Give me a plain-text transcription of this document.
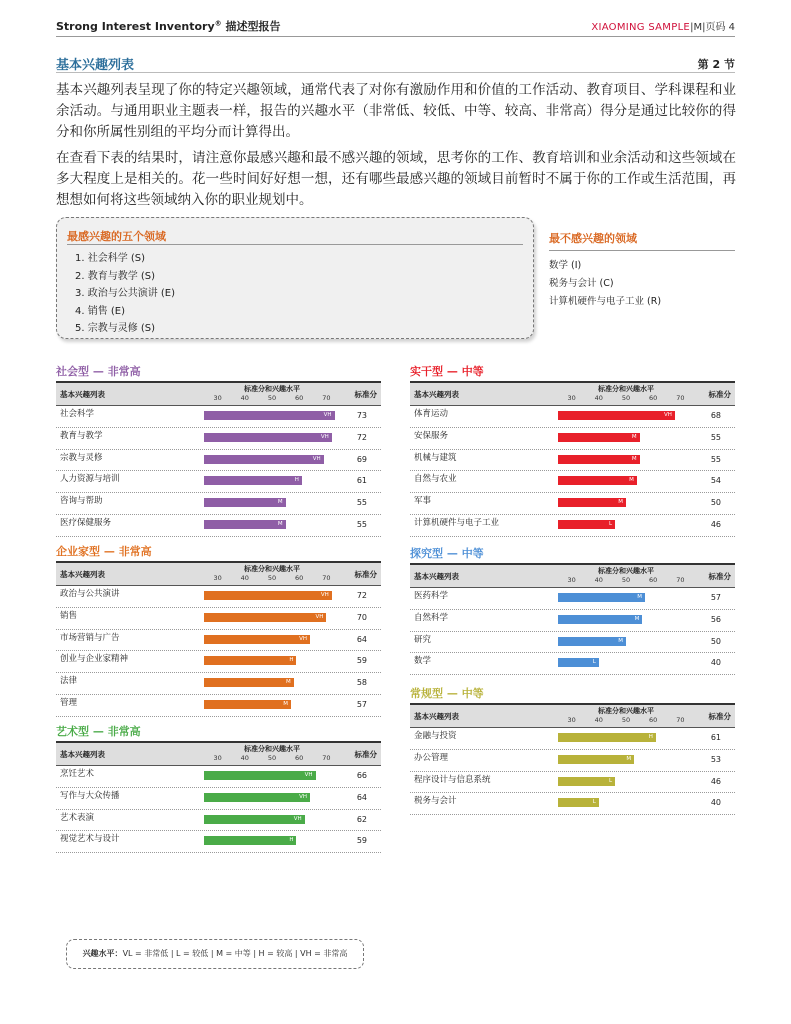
Strong Interest Inventory® 描述型报告	XIAOMING SAMPLE|M|页码 4
基本兴趣列表	第 2 节
基本兴趣列表呈现了你的特定兴趣领域，通常代表了对你有激励作用和价值的工作活动、教育项目、学科课程和业余活动。与通用职业主题表一样，报告的兴趣水平（非常低、较低、中等、较高、非常高）得分是通过比较你的得分和你所属性别组的平均分而计算得出。
在查看下表的结果时，请注意你最感兴趣和最不感兴趣的领域，思考你的工作、教育培训和业余活动和这些领域在多大程度上是相关的。花一些时间好好想一想，还有哪些最感兴趣的领域目前暂时不属于你的工作或生活范围，再想想如何将这些领域纳入你的职业规划中。
最感兴趣的五个领域
1. 社会科学 (S)
2. 教育与教学 (S)
3. 政治与公共演讲 (E)
4. 销售 (E)
5. 宗教与灵修 (S)
最不感兴趣的领域
数学 (I)
税务与会计 (C)
计算机硬件与电子工业 (R)
社会型 — 非常高
基本兴趣列表
标准分和兴趣水平
30	40	50	60	70	标准分
社会科学	VH	73
教育与教学	VH	72
宗教与灵修	VH	69
人力资源与培训	H	61
咨询与帮助	M	55
医疗保健服务	M	55
企业家型 — 非常高
基本兴趣列表
标准分和兴趣水平
30	40	50	60	70	标准分
政治与公共演讲	VH	72
销售	VH	70
市场营销与广告	VH	64
创业与企业家精神	H	59
法律	M	58
管理	M	57
艺术型 — 非常高
基本兴趣列表
标准分和兴趣水平
30	40	50	60	70	标准分
烹饪艺术	VH	66
写作与大众传播	VH	64
艺术表演	VH	62
视觉艺术与设计	H	59
实干型 — 中等
基本兴趣列表
标准分和兴趣水平
30	40	50	60	70	标准分
体育运动	VH	68
安保服务	M	55
机械与建筑	M	55
自然与农业	M	54
军事	M	50
计算机硬件与电子工业	L	46
探究型 — 中等
基本兴趣列表
标准分和兴趣水平
30	40	50	60	70	标准分
医药科学	M	57
自然科学	M	56
研究	M	50
数学	L	40
常规型 — 中等
基本兴趣列表
标准分和兴趣水平
30	40	50	60	70	标准分
金融与投资	H	61
办公管理	M	53
程序设计与信息系统	L	46
税务与会计	L	40
兴趣水平：VL = 非常低 | L = 较低 | M = 中等 | H = 较高 | VH = 非常高
